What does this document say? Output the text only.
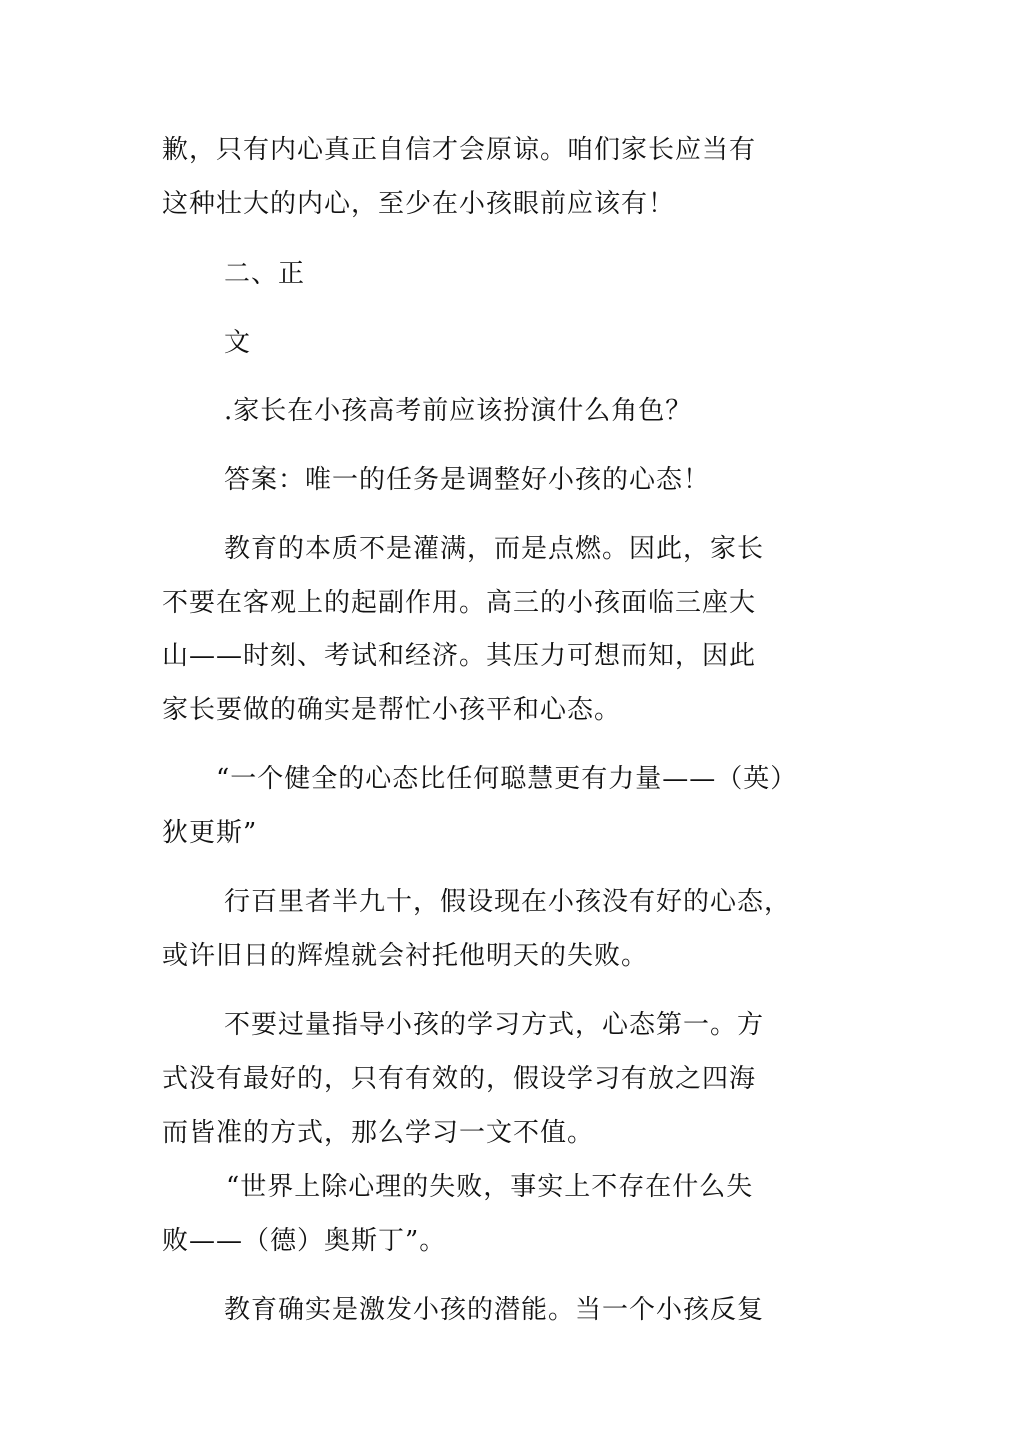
歉，只有内心真正自信才会原谅。咱们家长应当有
这种壮大的内心，至少在小孩眼前应该有！
二、正
文
.家长在小孩高考前应该扮演什么角色？
答案：唯一的任务是调整好小孩的心态！
教育的本质不是灌满，而是点燃。因此，家长
不要在客观上的起副作用。高三的小孩面临三座大
山——时刻、考试和经济。其压力可想而知，因此
家长要做的确实是帮忙小孩平和心态。
“一个健全的心态比任何聪慧更有力量——（英）
狄更斯”
行百里者半九十，假设现在小孩没有好的心态，
或许旧日的辉煌就会衬托他明天的失败。
不要过量指导小孩的学习方式，心态第一。方
式没有最好的，只有有效的，假设学习有放之四海
而皆准的方式，那么学习一文不值。
“世界上除心理的失败，事实上不存在什么失
败——（德）奥斯丁”。
教育确实是激发小孩的潜能。当一个小孩反复
